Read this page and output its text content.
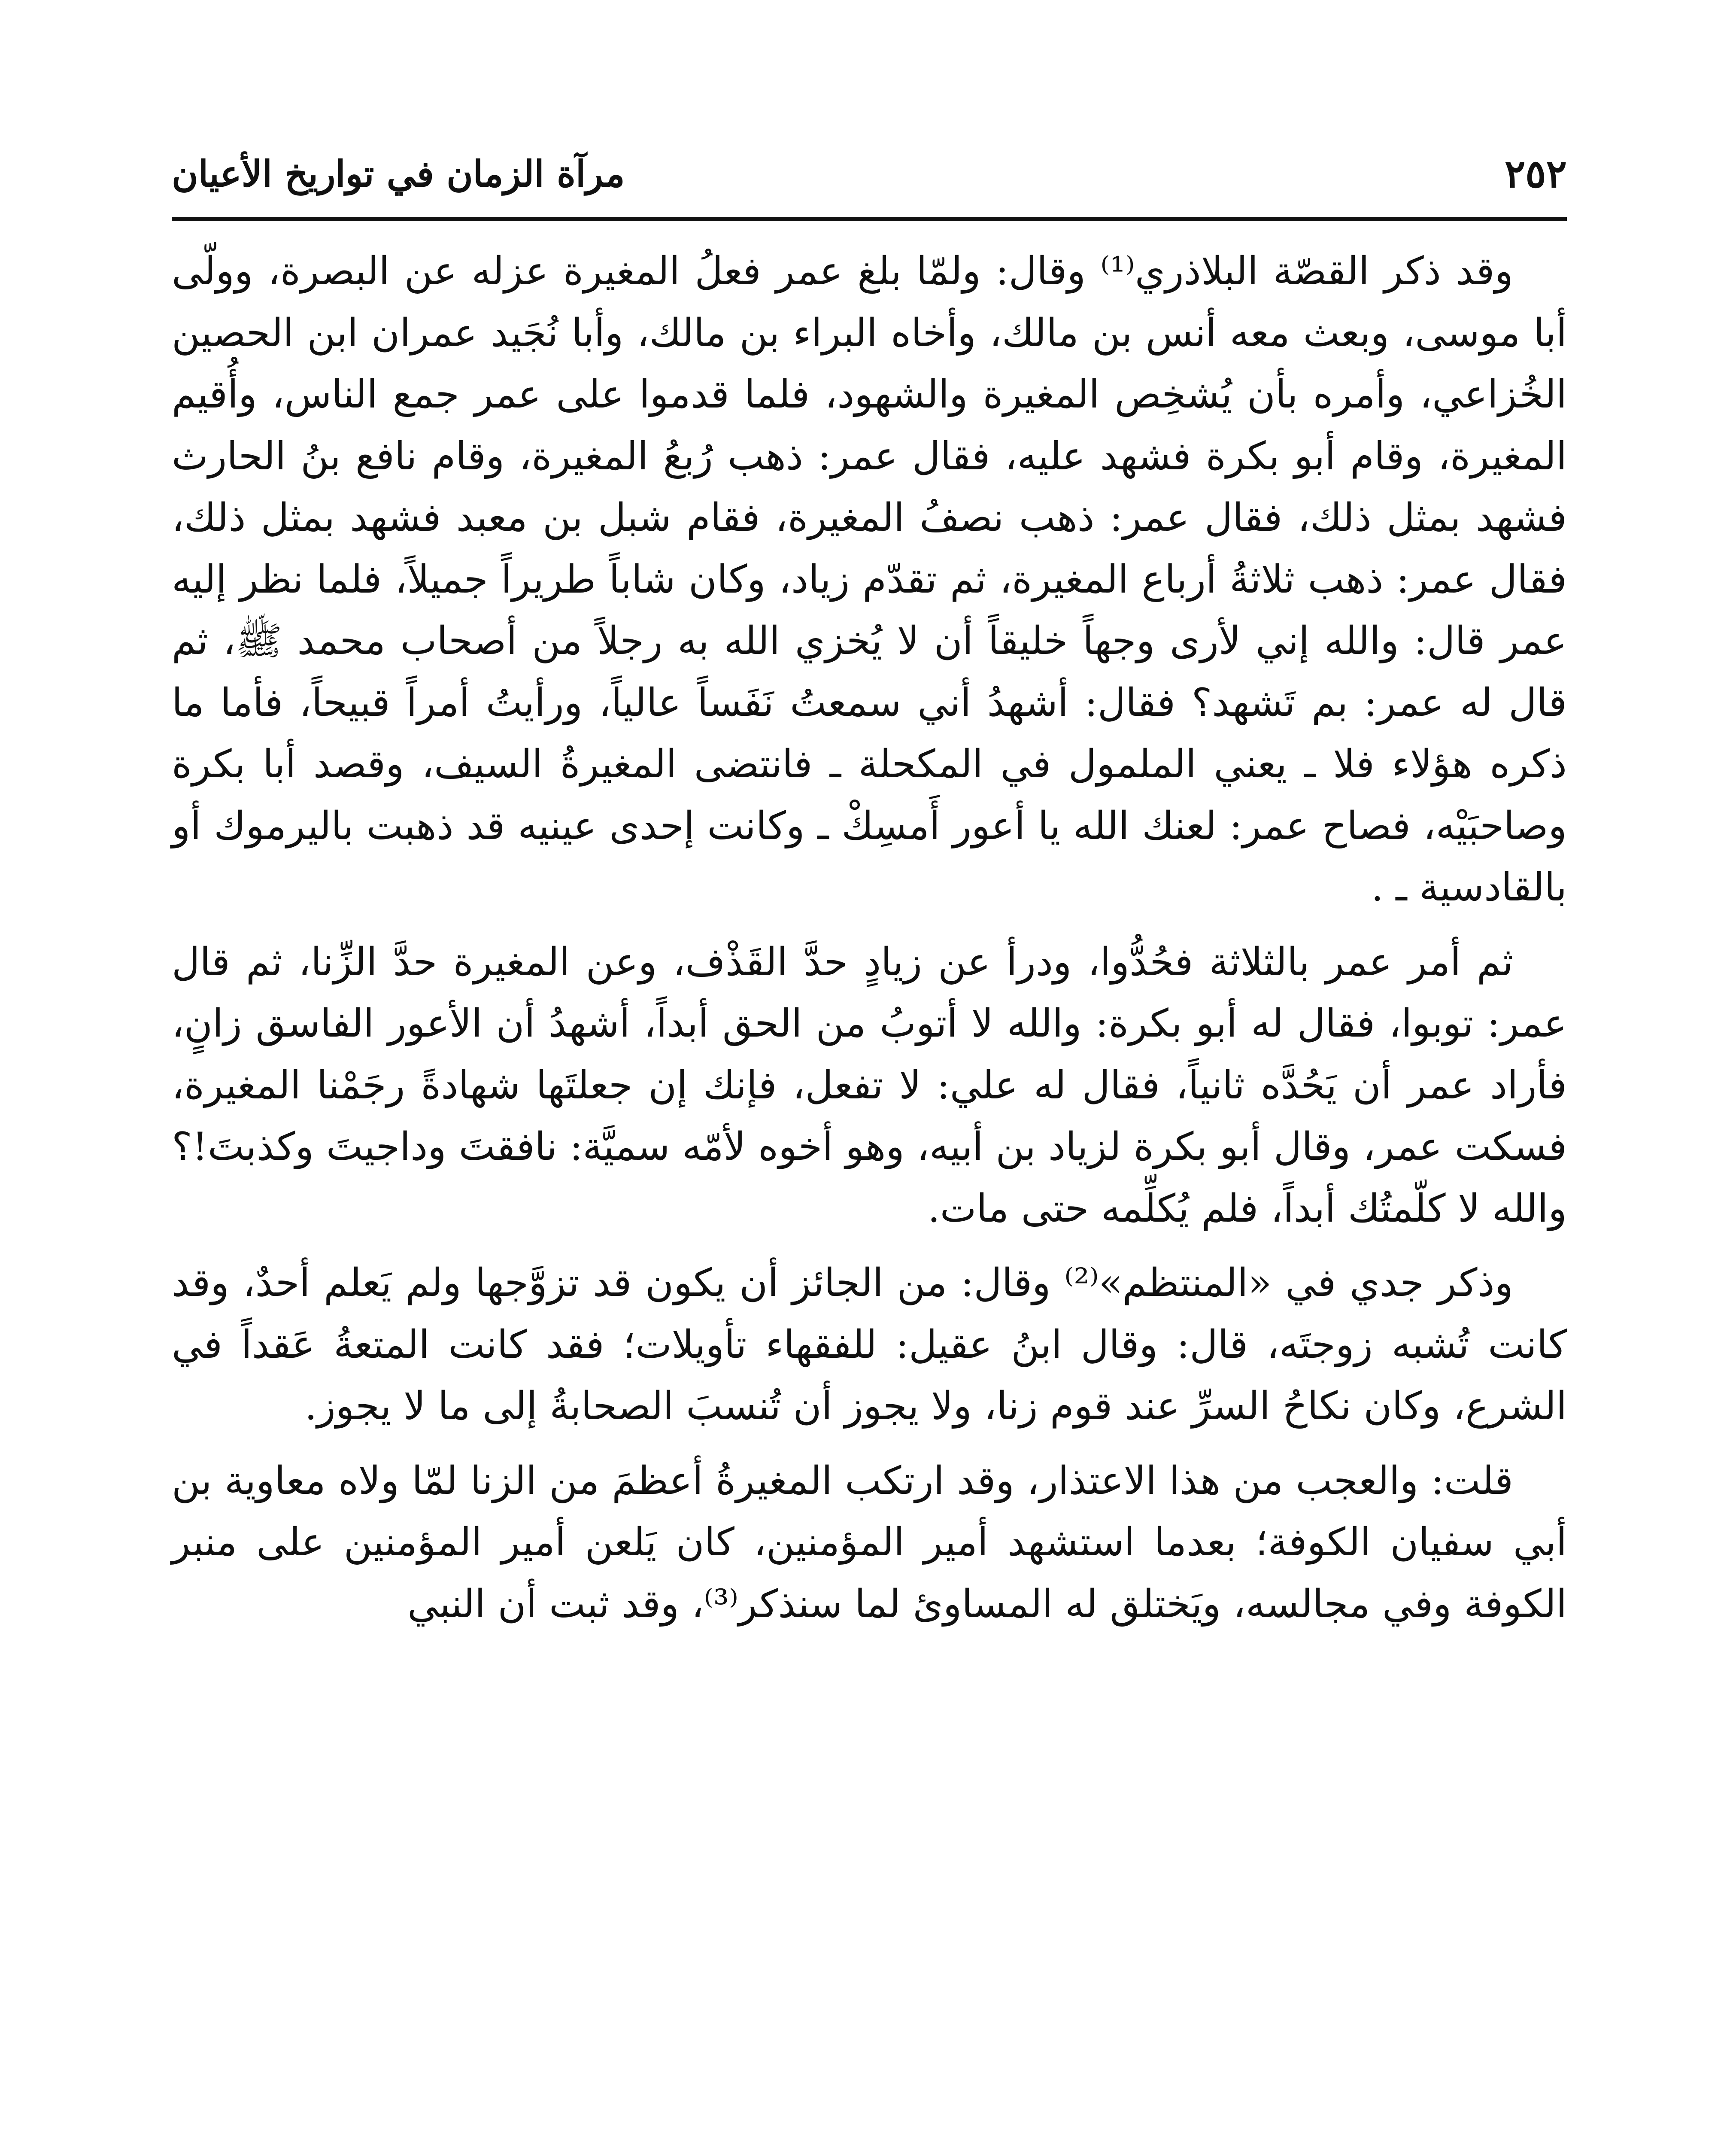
٢٥٢
مرآة الزمان في تواريخ الأعيان

وقد ذكر القصّة البلاذري⁽¹⁾ وقال: ولمّا بلغ عمر فعلُ المغيرة عزله عن البصرة، وولّى أبا موسى، وبعث معه أنس بن مالك، وأخاه البراء بن مالك، وأبا نُجَيد عمران ابن الحصين الخُزاعي، وأمره بأن يُشخِص المغيرة والشهود، فلما قدموا على عمر جمع الناس، وأُقيم المغيرة، وقام أبو بكرة فشهد عليه، فقال عمر: ذهب رُبعُ المغيرة، وقام نافع بنُ الحارث فشهد بمثل ذلك، فقال عمر: ذهب نصفُ المغيرة، فقام شبل بن معبد فشهد بمثل ذلك، فقال عمر: ذهب ثلاثةُ أرباع المغيرة، ثم تقدّم زياد، وكان شاباً طريراً جميلاً، فلما نظر إليه عمر قال: والله إني لأرى وجهاً خليقاً أن لا يُخزي الله به رجلاً من أصحاب محمد ﷺ، ثم قال له عمر: بم تَشهد؟ فقال: أشهدُ أني سمعتُ نَفَساً عالياً، ورأيتُ أمراً قبيحاً، فأما ما ذكره هؤلاء فلا ـ يعني الملمول في المكحلة ـ فانتضى المغيرةُ السيف، وقصد أبا بكرة وصاحبَيْه، فصاح عمر: لعنك الله يا أعور أَمسِكْ ـ وكانت إحدى عينيه قد ذهبت باليرموك أو بالقادسية ـ .

ثم أمر عمر بالثلاثة فحُدُّوا، ودرأ عن زيادٍ حدَّ القَذْف، وعن المغيرة حدَّ الزِّنا، ثم قال عمر: توبوا، فقال له أبو بكرة: والله لا أتوبُ من الحق أبداً، أشهدُ أن الأعور الفاسق زانٍ، فأراد عمر أن يَحُدَّه ثانياً، فقال له علي: لا تفعل، فإنك إن جعلتَها شهادةً رجَمْنا المغيرة، فسكت عمر، وقال أبو بكرة لزياد بن أبيه، وهو أخوه لأمّه سميَّة: نافقتَ وداجيتَ وكذبتَ!؟ والله لا كلّمتُك أبداً، فلم يُكلِّمه حتى مات.

وذكر جدي في «المنتظم»⁽²⁾ وقال: من الجائز أن يكون قد تزوَّجها ولم يَعلم أحدٌ، وقد كانت تُشبه زوجتَه، قال: وقال ابنُ عقيل: للفقهاء تأويلات؛ فقد كانت المتعةُ عَقداً في الشرع، وكان نكاحُ السرِّ عند قوم زنا، ولا يجوز أن تُنسبَ الصحابةُ إلى ما لا يجوز.

قلت: والعجب من هذا الاعتذار، وقد ارتكب المغيرةُ أعظمَ من الزنا لمّا ولاه معاوية بن أبي سفيان الكوفة؛ بعدما استشهد أمير المؤمنين، كان يَلعن أمير المؤمنين على منبر الكوفة وفي مجالسه، ويَختلق له المساوئ لما سنذكر⁽³⁾، وقد ثبت أن النبي
